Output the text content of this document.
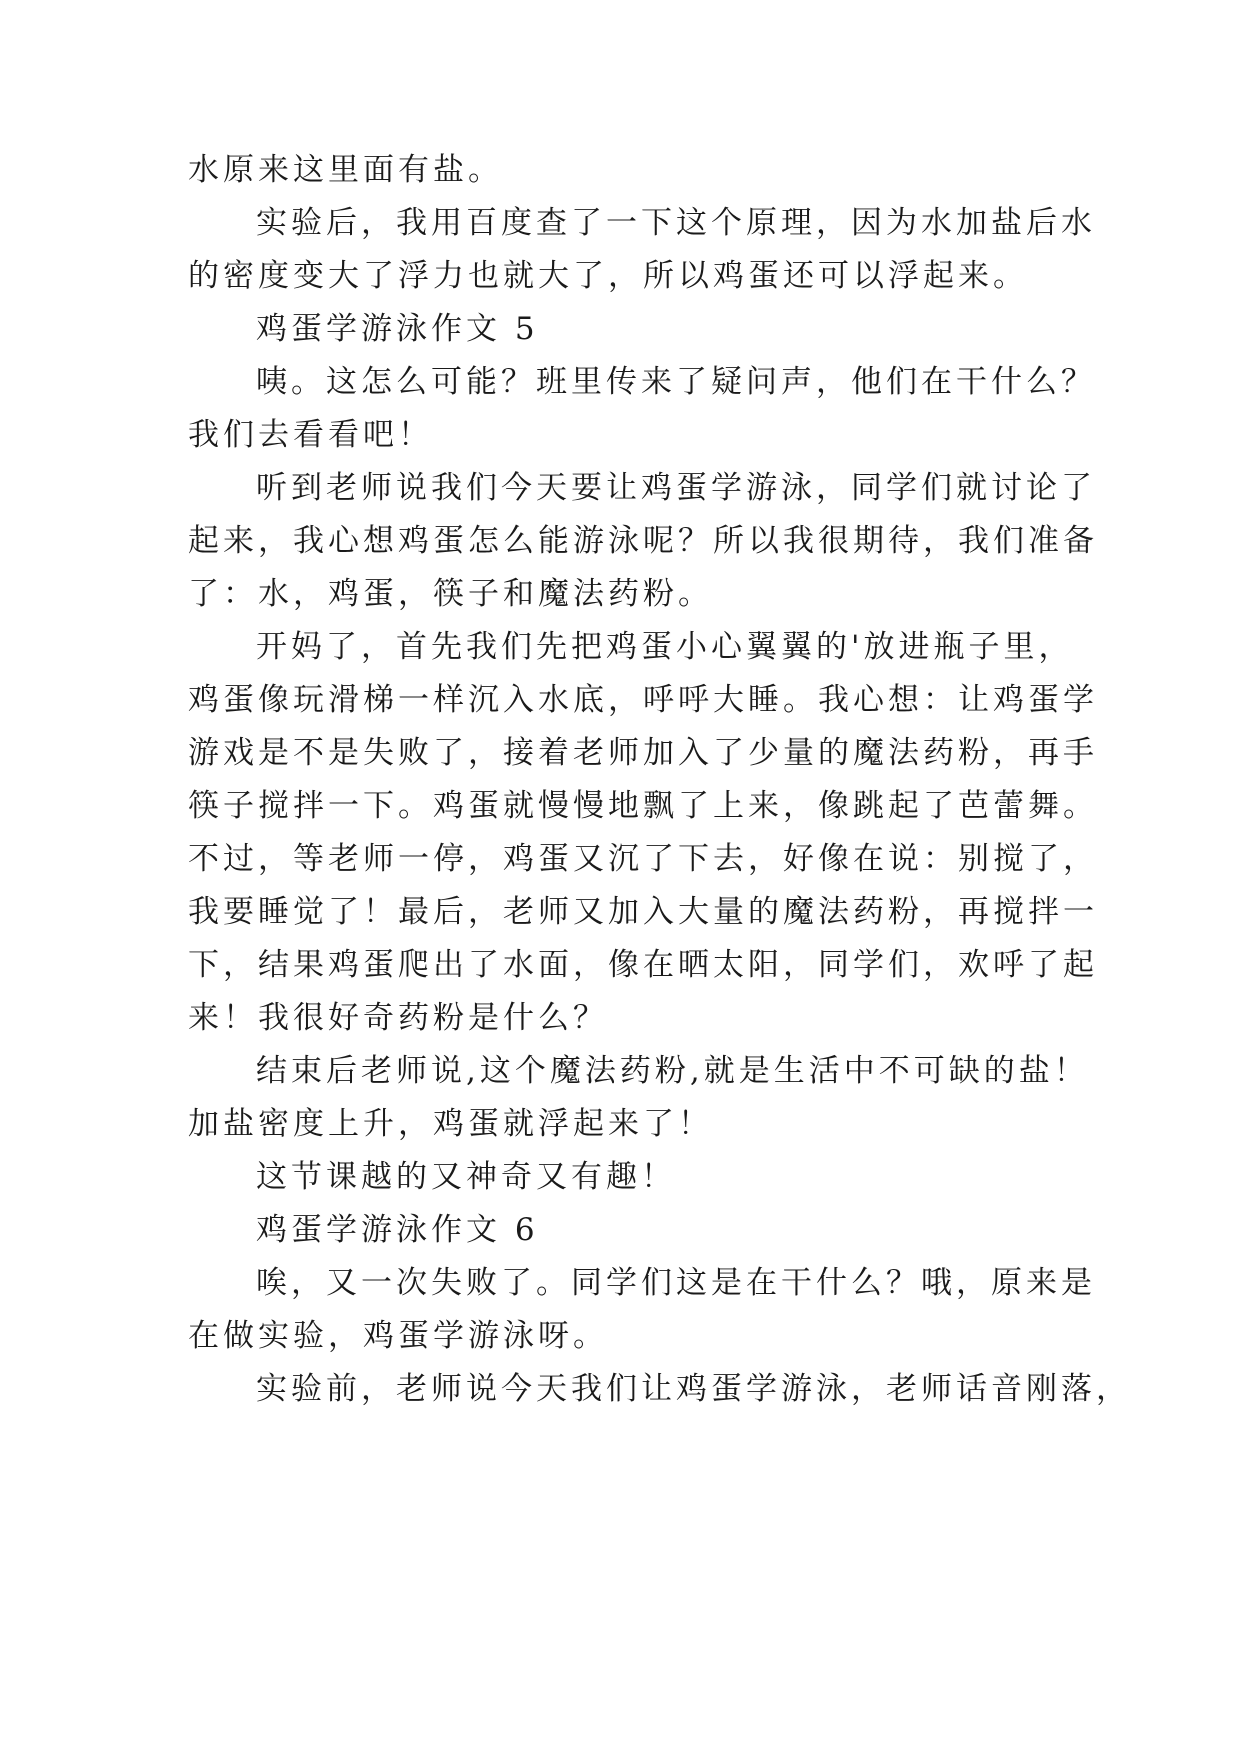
水原来这里面有盐。
实验后，我用百度查了一下这个原理，因为水加盐后水
的密度变大了浮力也就大了，所以鸡蛋还可以浮起来。
鸡蛋学游泳作文 5
咦。这怎么可能？班里传来了疑问声，他们在干什么？
我们去看看吧！
听到老师说我们今天要让鸡蛋学游泳，同学们就讨论了
起来，我心想鸡蛋怎么能游泳呢？所以我很期待，我们准备
了：水，鸡蛋，筷子和魔法药粉。
开妈了，首先我们先把鸡蛋小心翼翼的'放进瓶子里，
鸡蛋像玩滑梯一样沉入水底，呼呼大睡。我心想：让鸡蛋学
游戏是不是失败了，接着老师加入了少量的魔法药粉，再手
筷子搅拌一下。鸡蛋就慢慢地飘了上来，像跳起了芭蕾舞。
不过，等老师一停，鸡蛋又沉了下去，好像在说：别搅了，
我要睡觉了！最后，老师又加入大量的魔法药粉，再搅拌一
下，结果鸡蛋爬出了水面，像在晒太阳，同学们，欢呼了起
来！我很好奇药粉是什么？
结束后老师说,这个魔法药粉,就是生活中不可缺的盐！
加盐密度上升，鸡蛋就浮起来了！
这节课越的又神奇又有趣！
鸡蛋学游泳作文 6
唉，又一次失败了。同学们这是在干什么？哦，原来是
在做实验，鸡蛋学游泳呀。
实验前，老师说今天我们让鸡蛋学游泳，老师话音刚落，
